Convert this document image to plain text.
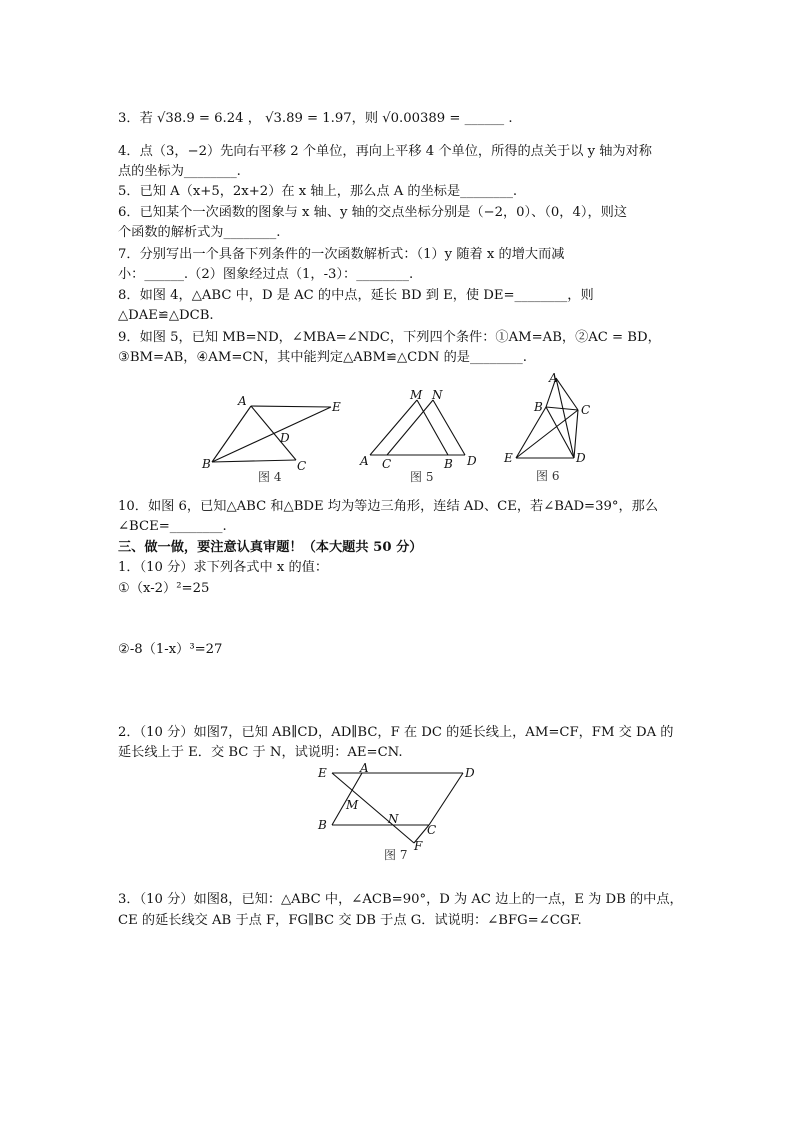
3．若 √38.9 = 6.24 ， √3.89 = 1.97，则 √0.00389 = ______ .
4．点（3，−2）先向右平移 2 个单位，再向上平移 4 个单位，所得的点关于以 y 轴为对称
点的坐标为________.
5．已知 A（x+5，2x+2）在 x 轴上，那么点 A 的坐标是________.
6．已知某个一次函数的图象与 x 轴、y 轴的交点坐标分别是（−2，0）、（0，4），则这
个函数的解析式为________.
7．分别写出一个具备下列条件的一次函数解析式：（1）y 随着 x 的增大而减
小：______.（2）图象经过点（1，-3）：________.
8．如图 4，△ABC 中，D 是 AC 的中点，延长 BD 到 E，使 DE=________，则
△DAE≌△DCB.
9．如图 5，已知 MB=ND，∠MBA=∠NDC，下列四个条件：①AM=AB，②AC = BD，
③BM=AB，④AM=CN，其中能判定△ABM≌△CDN 的是________.
A	E
D
B	C
图 4
M N
A C	B D
图 5
A
B	C
E	D
图 6
10．如图 6，已知△ABC 和△BDE 均为等边三角形，连结 AD、CE，若∠BAD=39°，那么
∠BCE=________.
三、做一做，要注意认真审题！（本大题共 50 分）
1．（10 分）求下列各式中 x 的值：
①（x-2）²=25
②-8（1-x）³=27
2．（10 分）如图7，已知 AB∥CD，AD∥BC，F 在 DC 的延长线上，AM=CF，FM 交 DA 的
延长线上于 E．交 BC 于 N，试说明：AE=CN.
E	A	D
M
N
B	C
F
图 7
3．（10 分）如图8，已知：△ABC 中，∠ACB=90°，D 为 AC 边上的一点，E 为 DB 的中点，
CE 的延长线交 AB 于点 F，FG∥BC 交 DB 于点 G．试说明：∠BFG=∠CGF.
